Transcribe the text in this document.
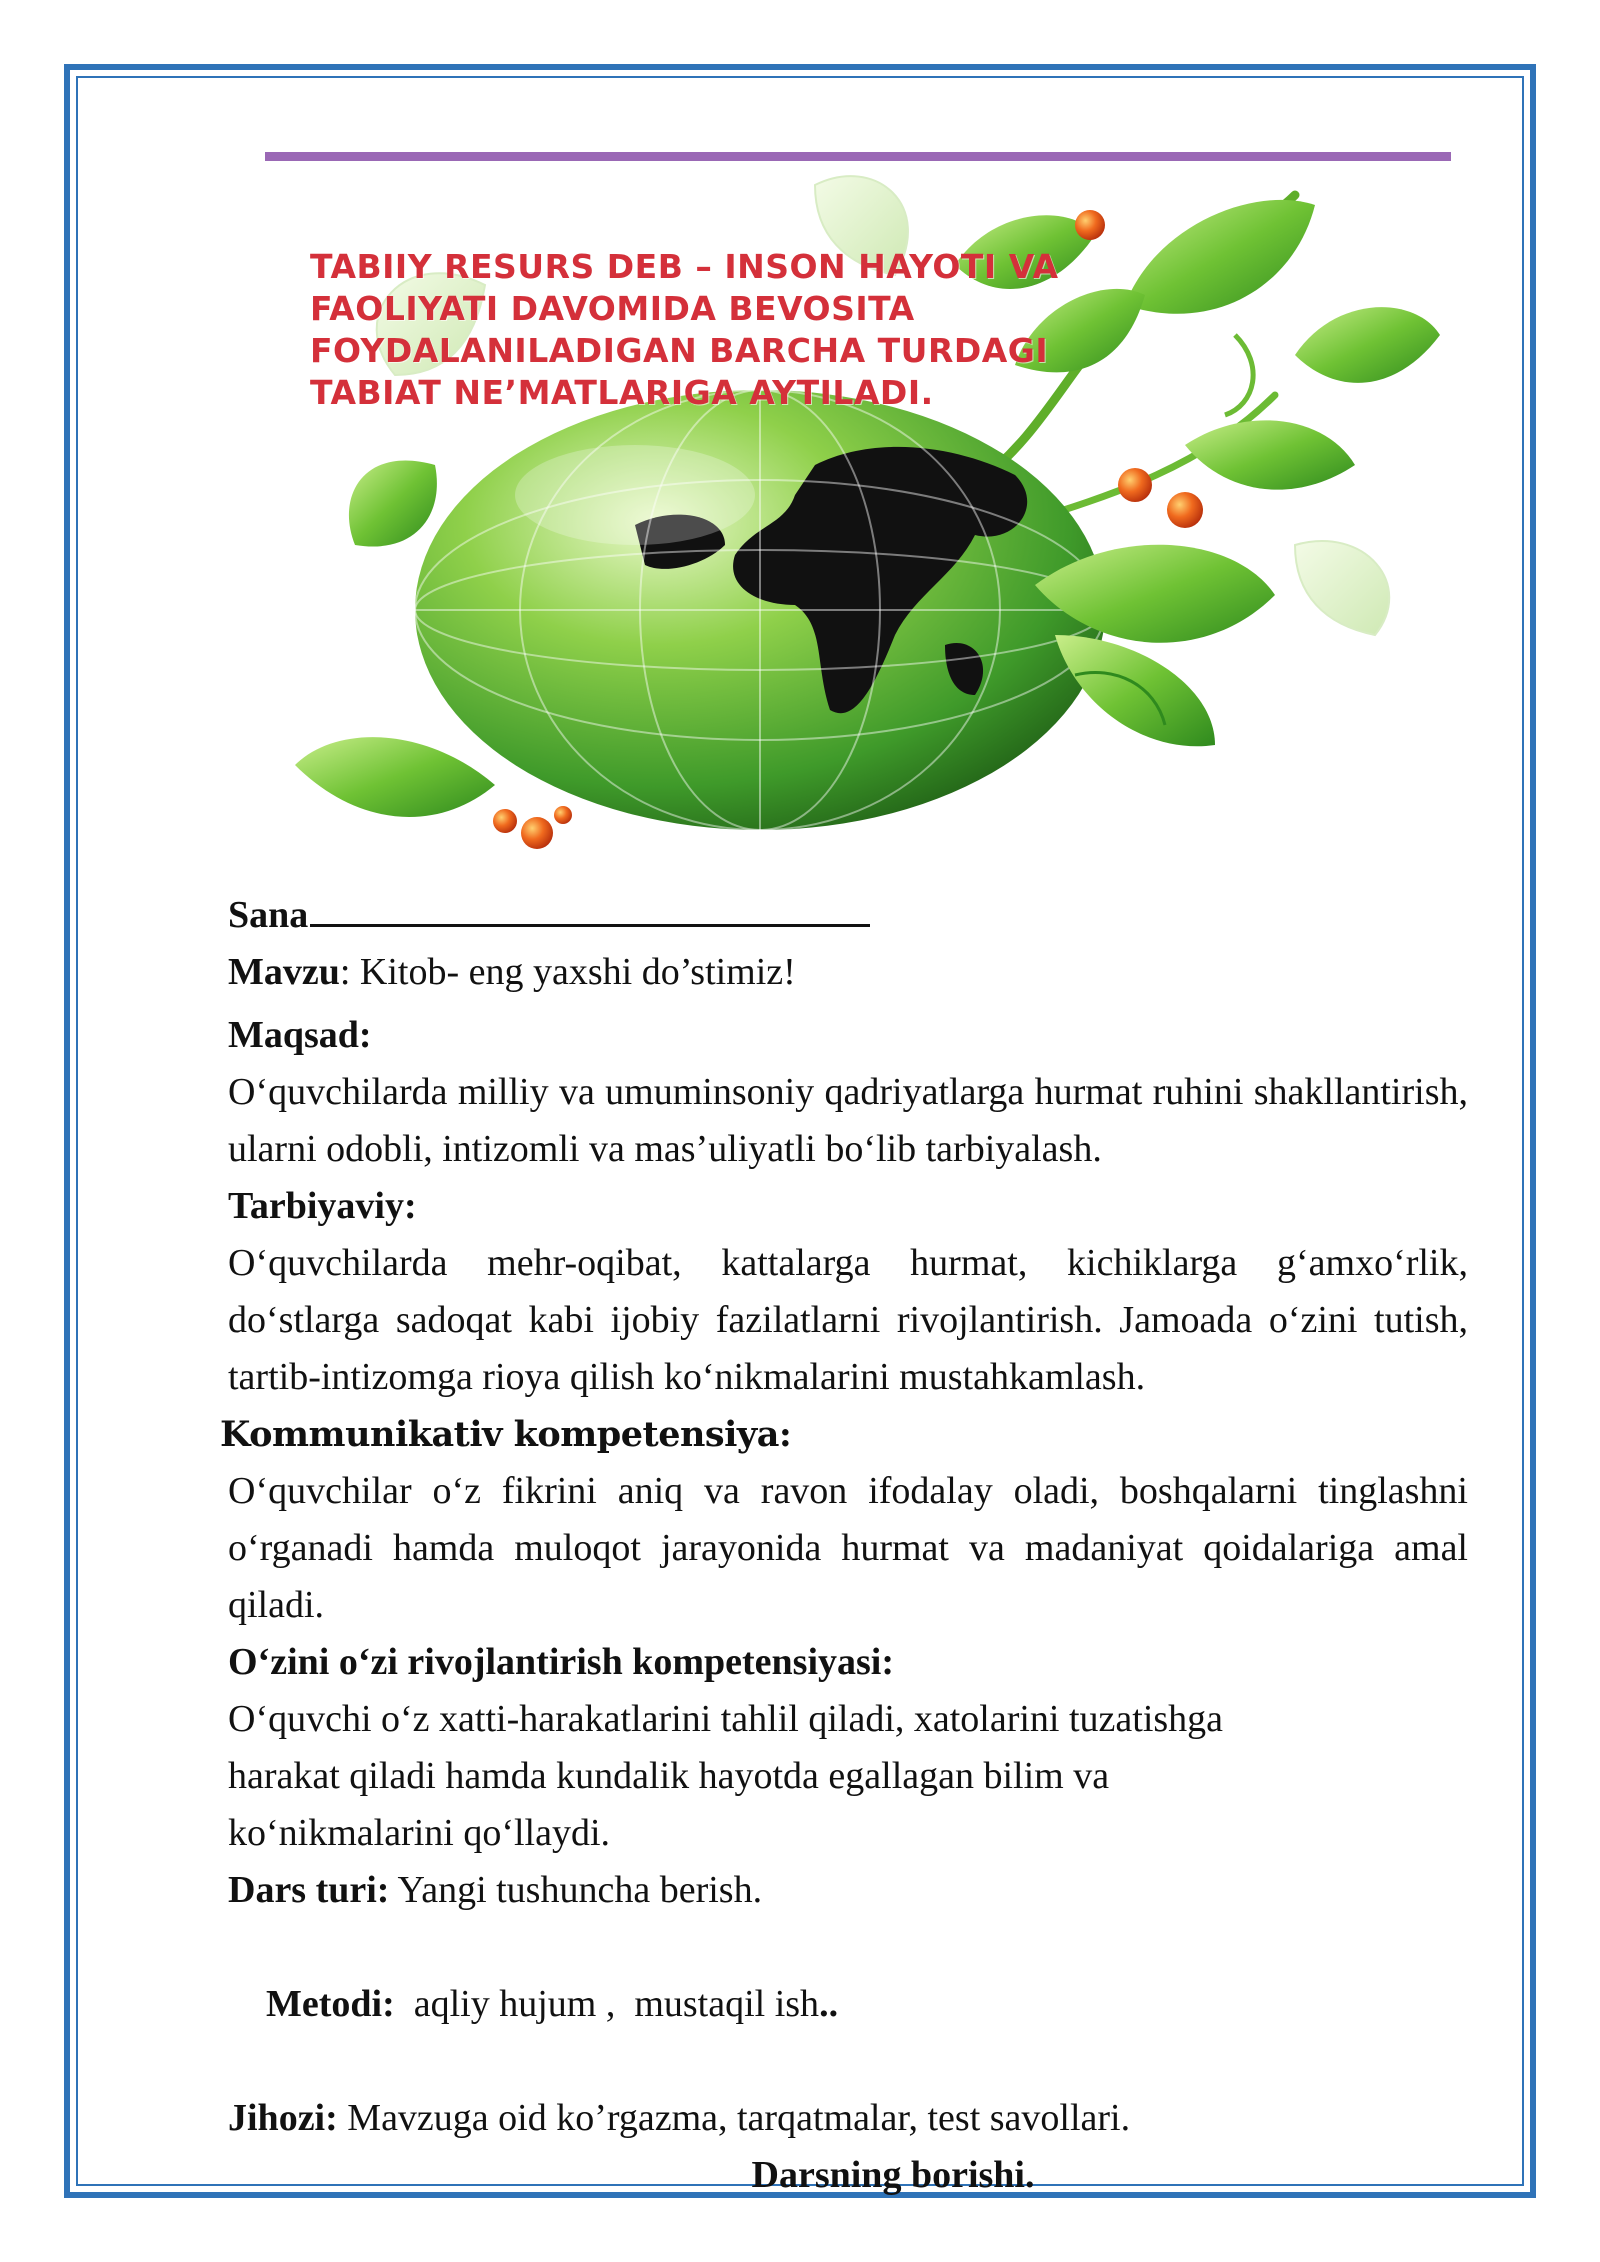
TABIIY RESURS DEB – INSON HAYOTI VA
FAOLIYATI DAVOMIDA BEVOSITA
FOYDALANILADIGAN BARCHA TURDAGI
TABIAT NE’MATLARIGA AYTILADI.
Sana
Mavzu: Kitob- eng yaxshi do’stimiz!
Maqsad:
O‘quvchilarda milliy va umuminsoniy qadriyatlarga hurmat ruhini shakllantirish, ularni odobli, intizomli va mas’uliyatli bo‘lib tarbiyalash.
Tarbiyaviy:
O‘quvchilarda mehr-oqibat, kattalarga hurmat, kichiklarga g‘amxo‘rlik, do‘stlarga sadoqat kabi ijobiy fazilatlarni rivojlantirish. Jamoada o‘zini tutish, tartib-intizomga rioya qilish ko‘nikmalarini mustahkamlash.
Kommunikativ kompetensiya:
O‘quvchilar o‘z fikrini aniq va ravon ifodalay oladi, boshqalarni tinglashni o‘rganadi hamda muloqot jarayonida hurmat va madaniyat qoidalariga amal qiladi.
O‘zini o‘zi rivojlantirish kompetensiyasi:
O‘quvchi o‘z xatti-harakatlarini tahlil qiladi, xatolarini tuzatishga
harakat qiladi hamda kundalik hayotda egallagan bilim va
ko‘nikmalarini qo‘llaydi.
Dars turi: Yangi tushuncha berish.

Metodi:  aqliy hujum ,  mustaqil ish..

Jihozi: Mavzuga oid ko’rgazma, tarqatmalar, test savollari.
Darsning borishi.
